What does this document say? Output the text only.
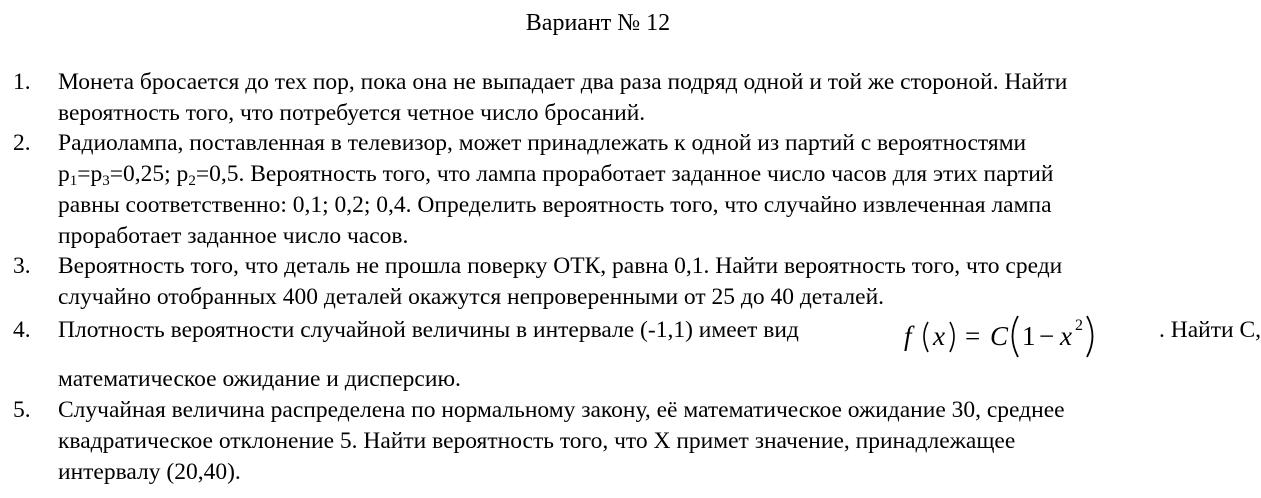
Вариант № 12
1. Монета бросается до тех пор, пока она не выпадает два раза подряд одной и той же стороной. Найти
вероятность того, что потребуется четное число бросаний.
2. Радиолампа, поставленная в телевизор, может принадлежать к одной из партий с вероятностями
$p_1=p_3=0,25$; $p_2=0,5$. Вероятность того, что лампа проработает заданное число часов для этих партий
равны соответственно: 0,1; 0,2; 0,4. Определить вероятность того, что случайно извлеченная лампа
проработает заданное число часов.
3. Вероятность того, что деталь не прошла поверку ОТК, равна 0,1. Найти вероятность того, что среди
случайно отобранных 400 деталей окажутся непроверенными от 25 до 40 деталей.
4. Плотность вероятности случайной величины в интервале (-1,1) имеет вид	f x = C 1 − x 2	. Найти С,
математическое ожидание и дисперсию.
5. Случайная величина распределена по нормальному закону, её математическое ожидание 30, среднее
квадратическое отклонение 5. Найти вероятность того, что Х примет значение, принадлежащее
интервалу (20,40).
